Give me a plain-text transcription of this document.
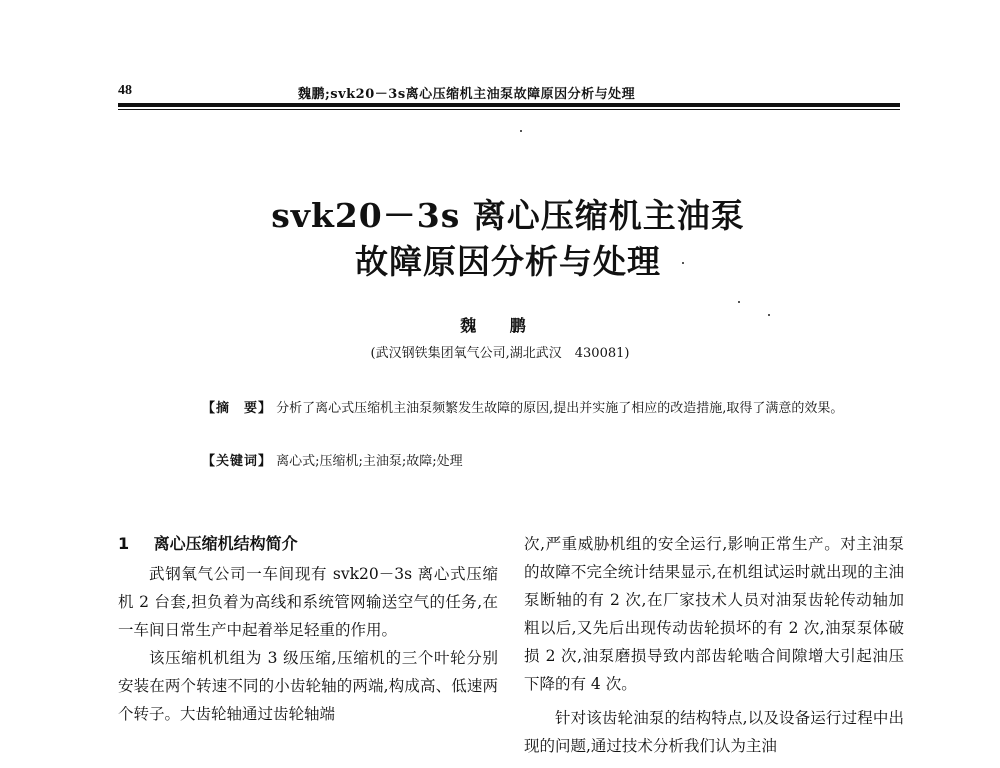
48	魏鹏;svk20－3s离心压缩机主油泵故障原因分析与处理
svk20－3s 离心压缩机主油泵
故障原因分析与处理
魏 鹏
(武汉钢铁集团氧气公司,湖北武汉　430081)
【摘　要】 分析了离心式压缩机主油泵频繁发生故障的原因,提出并实施了相应的改造措施,取得了满意的效果。
【关键词】 离心式;压缩机;主油泵;故障;处理
1 离心压缩机结构简介

武钢氧气公司一车间现有 svk20－3s 离心式压缩机 2 台套,担负着为高线和系统管网输送空气的任务,在一车间日常生产中起着举足轻重的作用。

该压缩机机组为 3 级压缩,压缩机的三个叶轮分别安装在两个转速不同的小齿轮轴的两端,构成高、低速两个转子。大齿轮轴通过齿轮轴端

次,严重威胁机组的安全运行,影响正常生产。对主油泵的故障不完全统计结果显示,在机组试运时就出现的主油泵断轴的有 2 次,在厂家技术人员对油泵齿轮传动轴加粗以后,又先后出现传动齿轮损坏的有 2 次,油泵泵体破损 2 次,油泵磨损导致内部齿轮啮合间隙增大引起油压下降的有 4 次。

针对该齿轮油泵的结构特点,以及设备运行过程中出现的问题,通过技术分析我们认为主油
